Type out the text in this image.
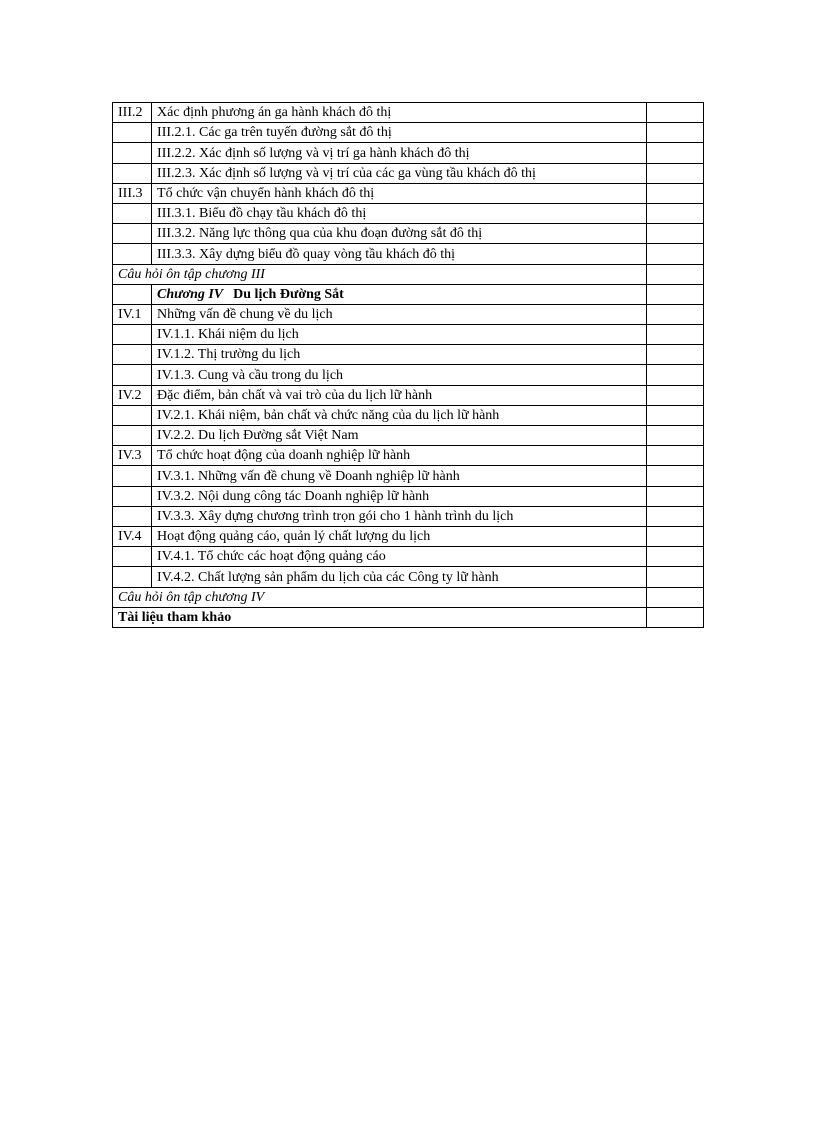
III.2	Xác định phương án ga hành khách đô thị	
	III.2.1. Các ga trên tuyến đường sắt đô thị	
	III.2.2. Xác định số lượng và vị trí ga hành khách đô thị	
	III.2.3. Xác định số lượng và vị trí của các ga vùng tầu khách đô thị	
III.3	Tổ chức vận chuyển hành khách đô thị	
	III.3.1. Biểu đồ chạy tầu khách đô thị	
	III.3.2. Năng lực thông qua của khu đoạn đường sắt đô thị	
	III.3.3. Xây dựng biểu đồ quay vòng tầu khách đô thị	
Câu hỏi ôn tập chương III		
	Chương IV Du lịch Đường Sắt	
IV.1	Những vấn đề chung về du lịch	
	IV.1.1. Khái niệm du lịch	
	IV.1.2. Thị trường du lịch	
	IV.1.3. Cung và cầu trong du lịch	
IV.2	Đặc điểm, bản chất và vai trò của du lịch lữ hành	
	IV.2.1. Khái niệm, bản chất và chức năng của du lịch lữ hành	
	IV.2.2. Du lịch Đường sắt Việt Nam	
IV.3	Tổ chức hoạt động của doanh nghiệp lữ hành	
	IV.3.1. Những vấn đề chung về Doanh nghiệp lữ hành	
	IV.3.2. Nội dung công tác Doanh nghiệp lữ hành	
	IV.3.3. Xây dựng chương trình trọn gói cho 1 hành trình du lịch	
IV.4	Hoạt động quảng cáo, quản lý chất lượng du lịch	
	IV.4.1. Tổ chức các hoạt động quảng cáo	
	IV.4.2. Chất lượng sản phẩm du lịch của các Công ty lữ hành	
Câu hỏi ôn tập chương IV		
Tài liệu tham khảo		
